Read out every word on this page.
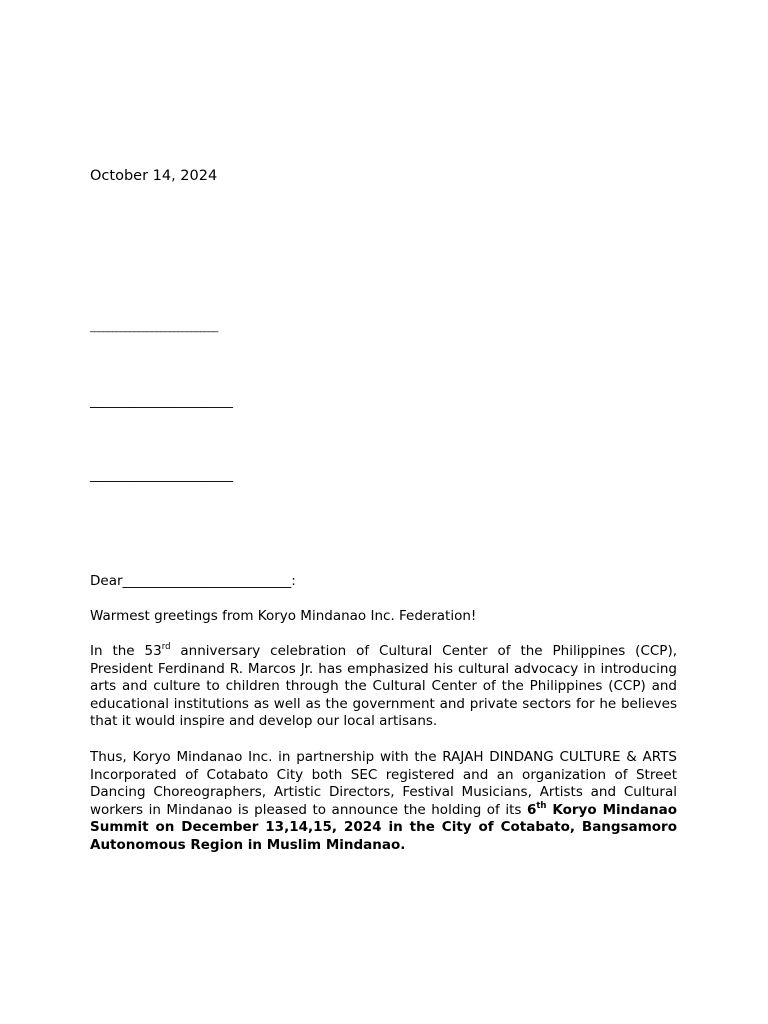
October 14, 2024
_____________________________
______________________
______________________
Dear_________________________:
Warmest greetings from Koryo Mindanao Inc. Federation!
In the 53rd anniversary celebration of Cultural Center of the Philippines (CCP), President Ferdinand R. Marcos Jr. has emphasized his cultural advocacy in introducing arts and culture to children through the Cultural Center of the Philippines (CCP) and educational institutions as well as the government and private sectors for he believes that it would inspire and develop our local artisans.
Thus, Koryo Mindanao Inc. in partnership with the RAJAH DINDANG CULTURE & ARTS Incorporated of Cotabato City both SEC registered and an organization of Street Dancing Choreographers, Artistic Directors, Festival Musicians, Artists and Cultural workers in Mindanao is pleased to announce the holding of its 6th Koryo Mindanao Summit on December 13,14,15, 2024 in the City of Cotabato, Bangsamoro Autonomous Region in Muslim Mindanao.
